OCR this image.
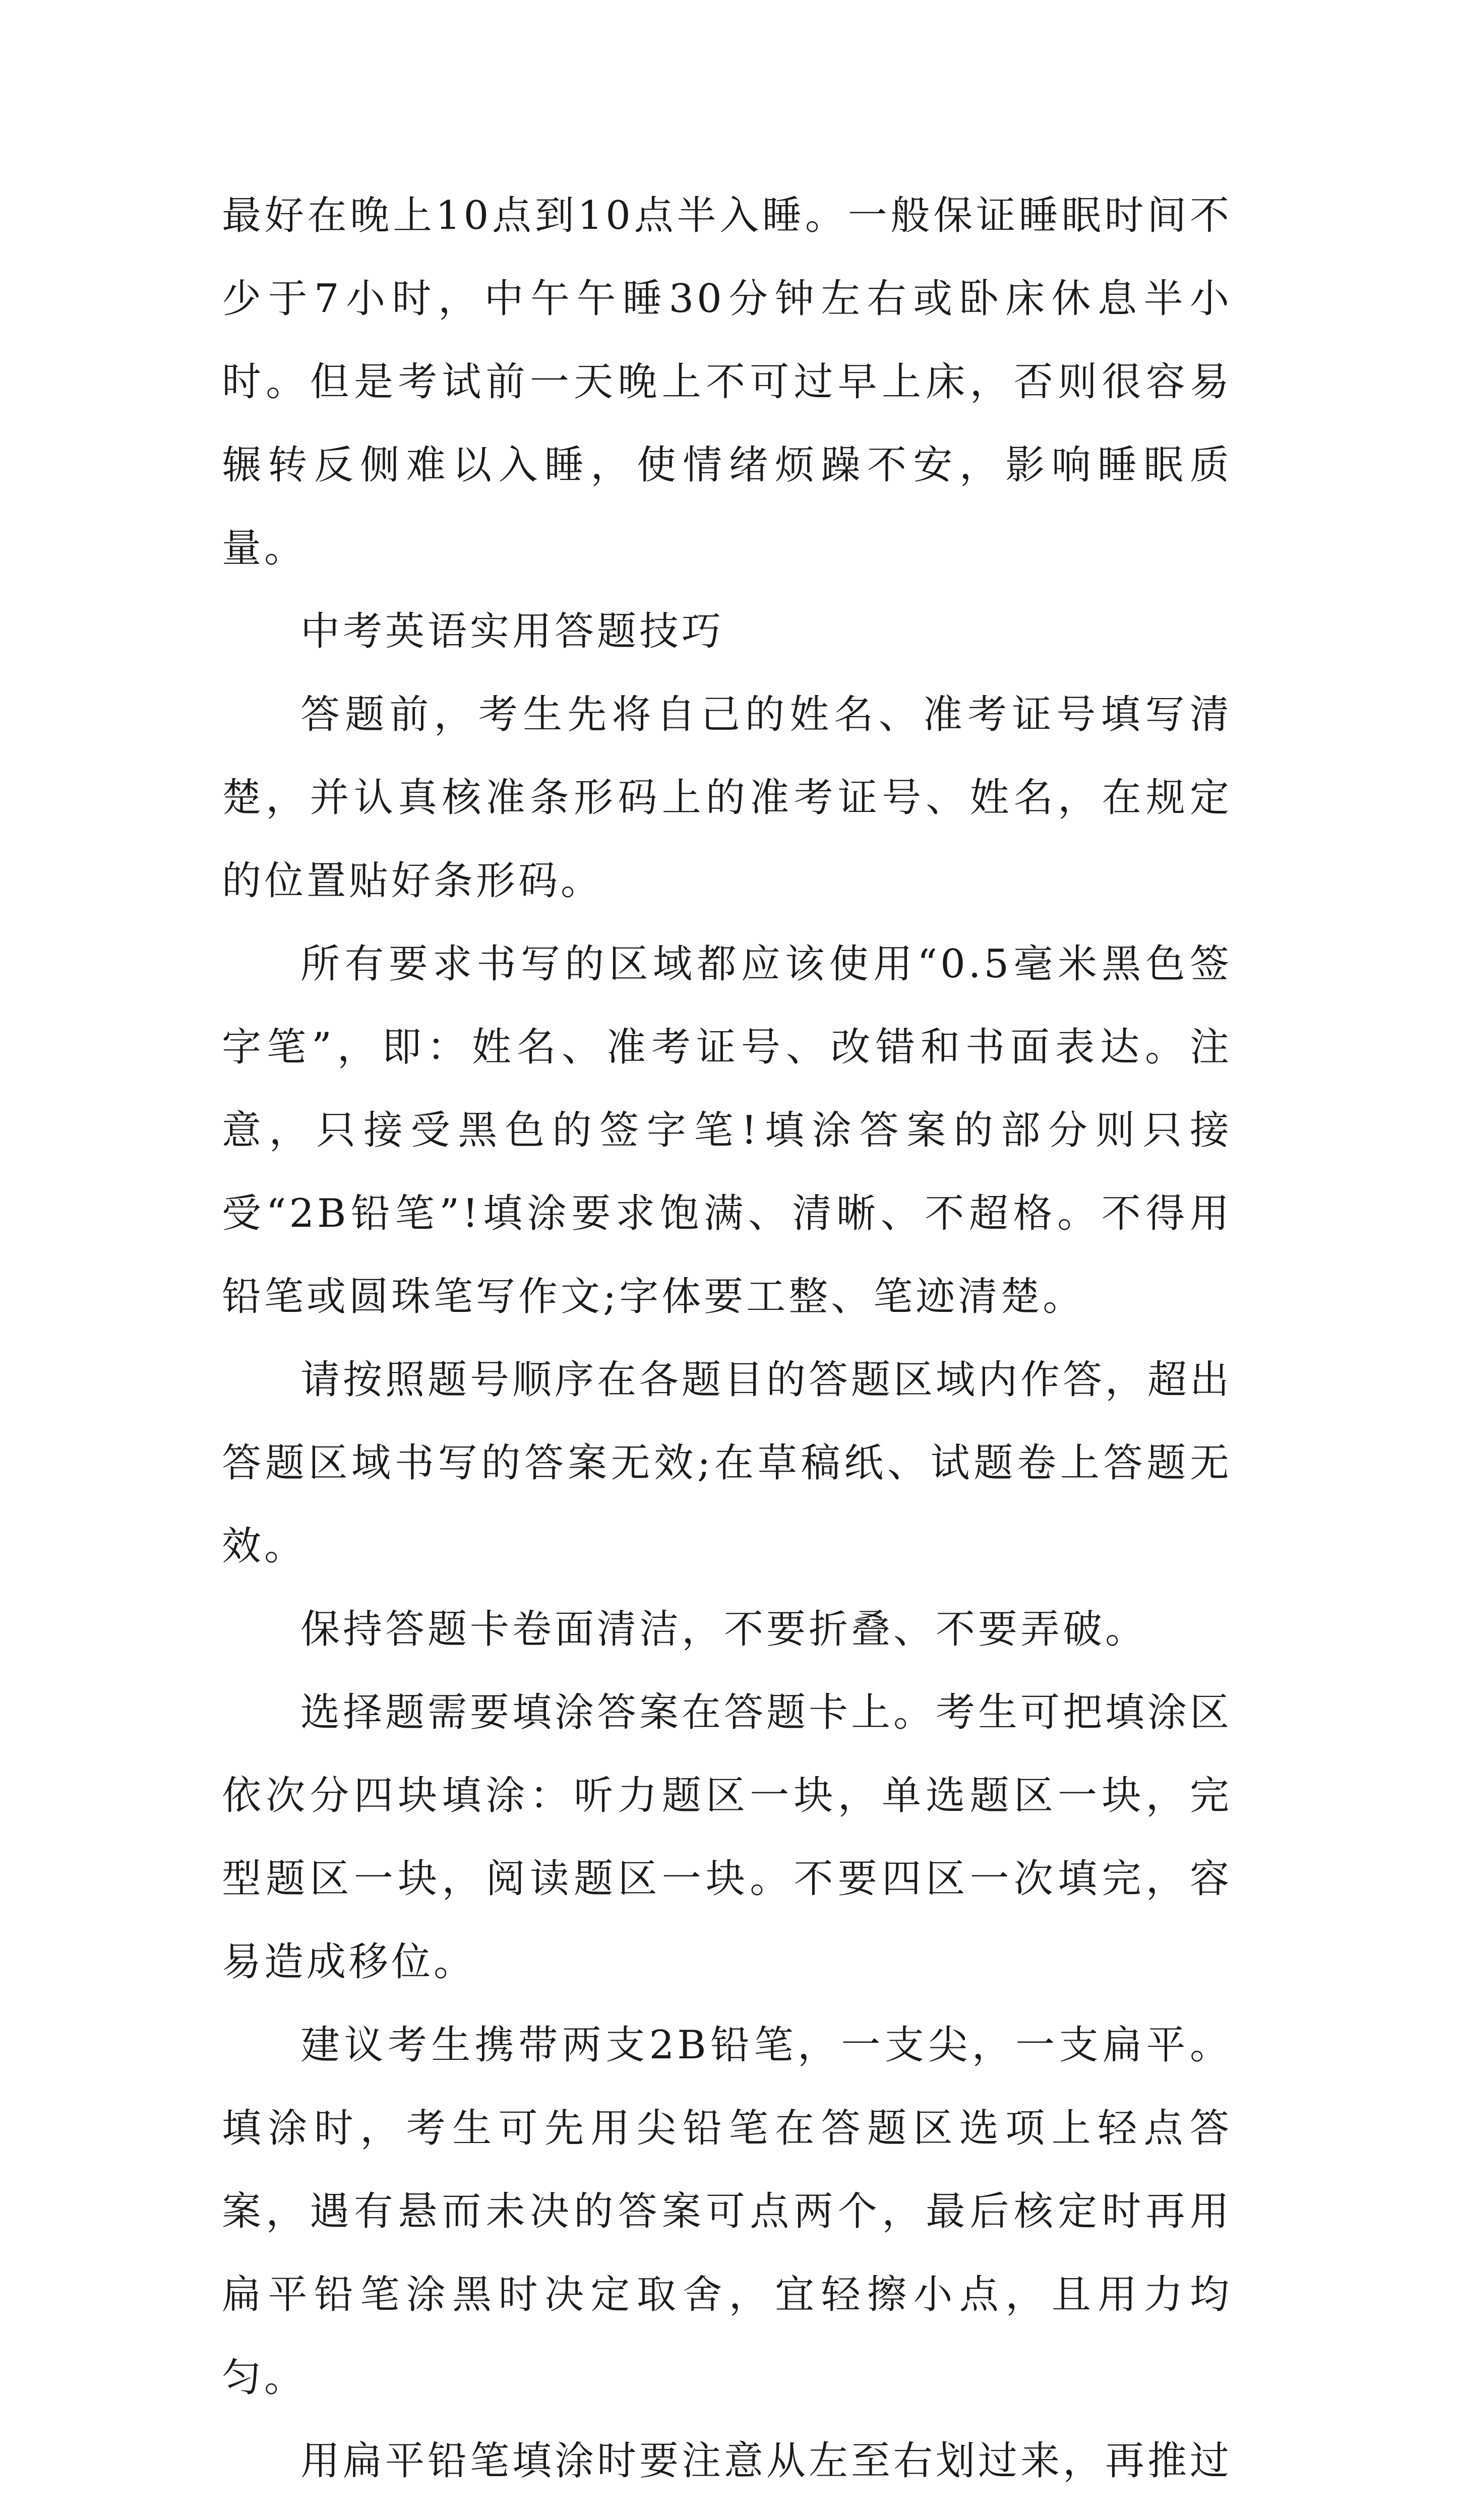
最好在晚上10点到10点半入睡。一般保证睡眠时间不少于7小时，中午午睡30分钟左右或卧床休息半小时。但是考试前一天晚上不可过早上床，否则很容易辗转反侧难以入睡，使情绪烦躁不安，影响睡眠质量。

中考英语实用答题技巧

答题前，考生先将自己的姓名、准考证号填写清楚，并认真核准条形码上的准考证号、姓名，在规定的位置贴好条形码。

所有要求书写的区域都应该使用“0.5毫米黑色签字笔”，即：姓名、准考证号、改错和书面表达。注意，只接受黑色的签字笔!填涂答案的部分则只接受“2B铅笔”!填涂要求饱满、清晰、不超格。不得用铅笔或圆珠笔写作文;字体要工整、笔迹清楚。

请按照题号顺序在各题目的答题区域内作答，超出答题区域书写的答案无效;在草稿纸、试题卷上答题无效。

保持答题卡卷面清洁，不要折叠、不要弄破。

选择题需要填涂答案在答题卡上。考生可把填涂区依次分四块填涂：听力题区一块，单选题区一块，完型题区一块，阅读题区一块。不要四区一次填完，容易造成移位。

建议考生携带两支2B铅笔，一支尖，一支扁平。填涂时，考生可先用尖铅笔在答题区选项上轻点答案，遇有悬而未决的答案可点两个，最后核定时再用扁平铅笔涂黑时决定取舍，宜轻擦小点，且用力均匀。

用扁平铅笔填涂时要注意从左至右划过来，再推过
